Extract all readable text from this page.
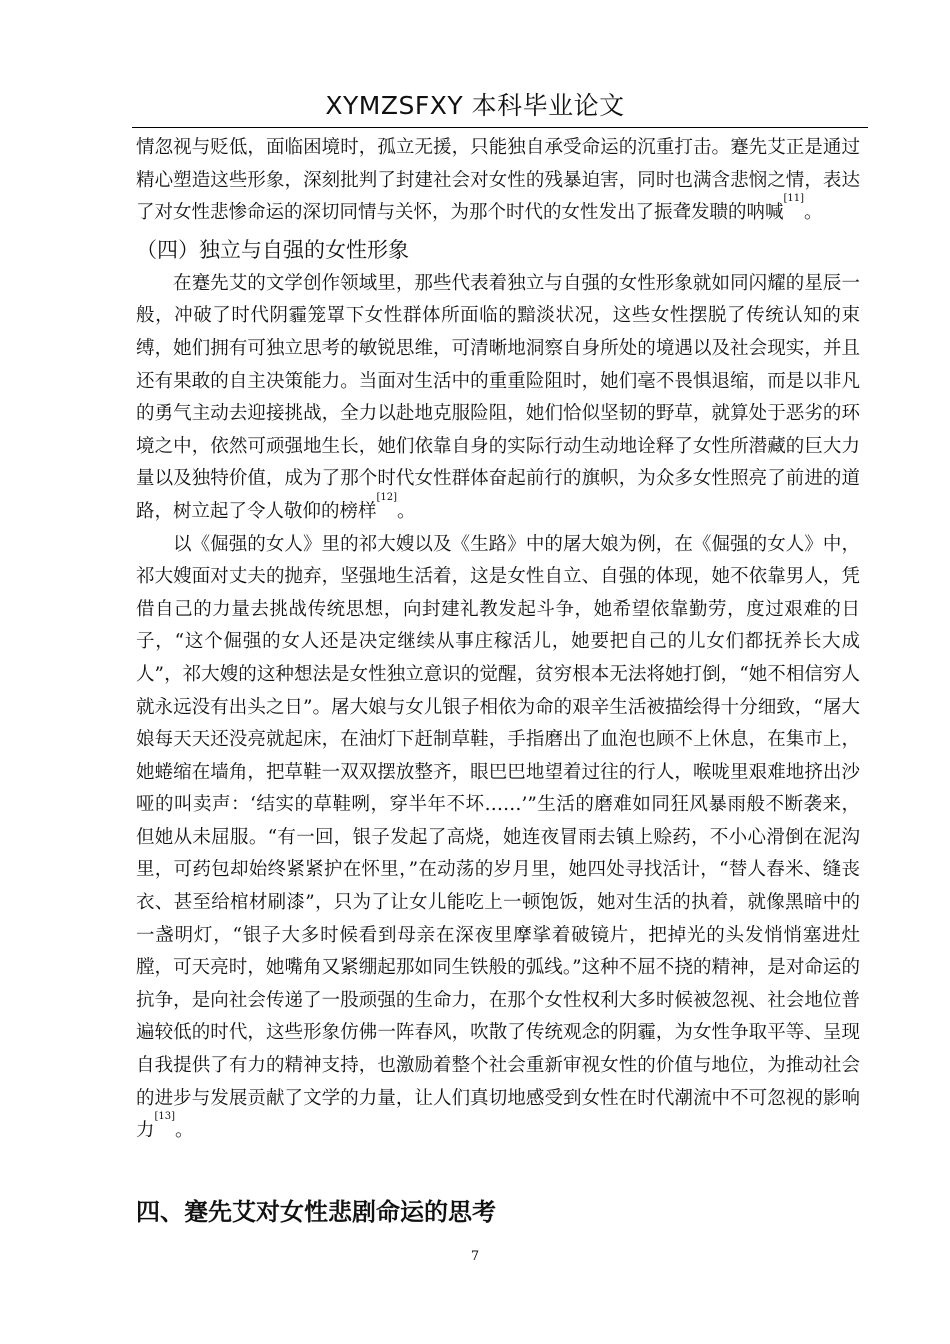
XYMZSFXY 本科毕业论文

情忽视与贬低，面临困境时，孤立无援，只能独自承受命运的沉重打击。蹇先艾正是通过精心塑造这些形象，深刻批判了封建社会对女性的残暴迫害，同时也满含悲悯之情，表达了对女性悲惨命运的深切同情与关怀，为那个时代的女性发出了振聋发聩的呐喊[11]。

（四）独立与自强的女性形象

在蹇先艾的文学创作领域里，那些代表着独立与自强的女性形象就如同闪耀的星辰一般，冲破了时代阴霾笼罩下女性群体所面临的黯淡状况，这些女性摆脱了传统认知的束缚，她们拥有可独立思考的敏锐思维，可清晰地洞察自身所处的境遇以及社会现实，并且还有果敢的自主决策能力。当面对生活中的重重险阻时，她们毫不畏惧退缩，而是以非凡的勇气主动去迎接挑战，全力以赴地克服险阻，她们恰似坚韧的野草，就算处于恶劣的环境之中，依然可顽强地生长，她们依靠自身的实际行动生动地诠释了女性所潜藏的巨大力量以及独特价值，成为了那个时代女性群体奋起前行的旗帜，为众多女性照亮了前进的道路，树立起了令人敬仰的榜样[12]。

以《倔强的女人》里的祁大嫂以及《生路》中的屠大娘为例，在《倔强的女人》中，祁大嫂面对丈夫的抛弃，坚强地生活着，这是女性自立、自强的体现，她不依靠男人，凭借自己的力量去挑战传统思想，向封建礼教发起斗争，她希望依靠勤劳，度过艰难的日子，“这个倔强的女人还是决定继续从事庄稼活儿，她要把自己的儿女们都抚养长大成人”，祁大嫂的这种想法是女性独立意识的觉醒，贫穷根本无法将她打倒，“她不相信穷人就永远没有出头之日”。屠大娘与女儿银子相依为命的艰辛生活被描绘得十分细致，“屠大娘每天天还没亮就起床，在油灯下赶制草鞋，手指磨出了血泡也顾不上休息，在集市上，她蜷缩在墙角，把草鞋一双双摆放整齐，眼巴巴地望着过往的行人，喉咙里艰难地挤出沙哑的叫卖声：‘结实的草鞋咧，穿半年不坏……’”生活的磨难如同狂风暴雨般不断袭来，但她从未屈服。“有一回，银子发起了高烧，她连夜冒雨去镇上赊药，不小心滑倒在泥沟里，可药包却始终紧紧护在怀里，”在动荡的岁月里，她四处寻找活计，“替人舂米、缝丧衣、甚至给棺材刷漆”，只为了让女儿能吃上一顿饱饭，她对生活的执着，就像黑暗中的一盏明灯，“银子大多时候看到母亲在深夜里摩挲着破镜片，把掉光的头发悄悄塞进灶膛，可天亮时，她嘴角又紧绷起那如同生铁般的弧线。”这种不屈不挠的精神，是对命运的抗争，是向社会传递了一股顽强的生命力，在那个女性权利大多时候被忽视、社会地位普遍较低的时代，这些形象仿佛一阵春风，吹散了传统观念的阴霾，为女性争取平等、呈现自我提供了有力的精神支持，也激励着整个社会重新审视女性的价值与地位，为推动社会的进步与发展贡献了文学的力量，让人们真切地感受到女性在时代潮流中不可忽视的影响力[13]。

四、蹇先艾对女性悲剧命运的思考
7
